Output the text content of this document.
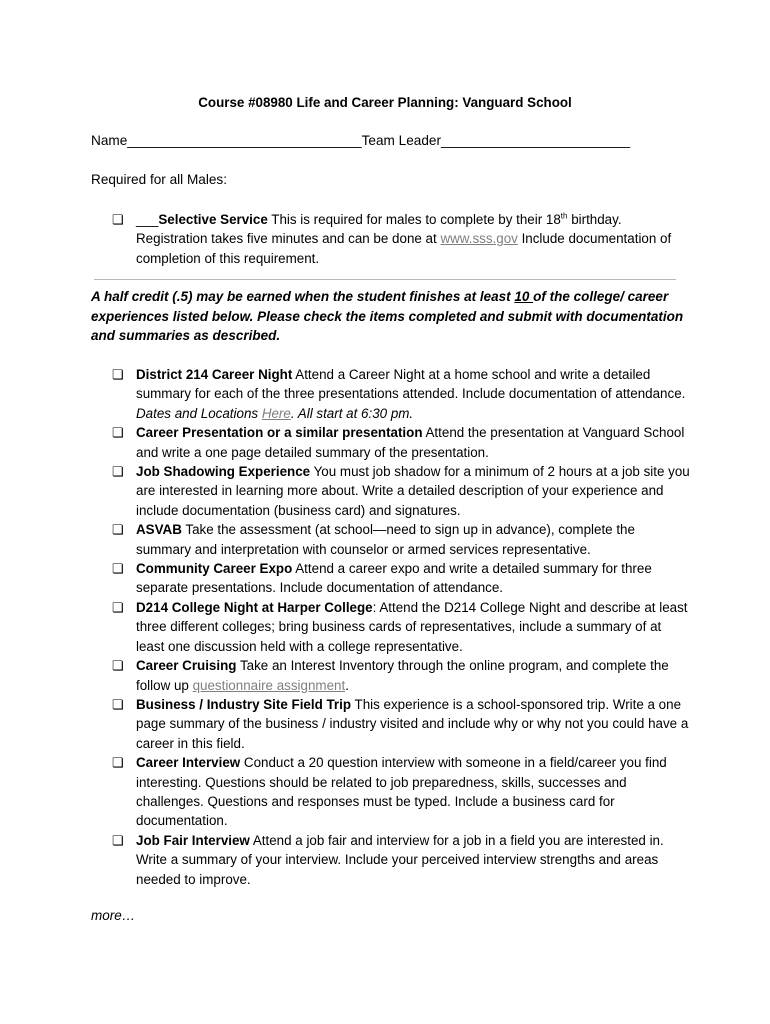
Course #08980 Life and Career Planning: Vanguard School
Name_______________________________Team Leader_________________________
Required for all Males:
❏ ___Selective Service This is required for males to complete by their 18th birthday. Registration takes five minutes and can be done at www.sss.gov Include documentation of completion of this requirement.
A half credit (.5) may be earned when the student finishes at least 10 of the college/ career experiences listed below. Please check the items completed and submit with documentation and summaries as described.
❏ District 214 Career Night Attend a Career Night at a home school and write a detailed summary for each of the three presentations attended. Include documentation of attendance. Dates and Locations Here. All start at 6:30 pm.
❏ Career Presentation or a similar presentation Attend the presentation at Vanguard School and write a one page detailed summary of the presentation.
❏ Job Shadowing Experience You must job shadow for a minimum of 2 hours at a job site you are interested in learning more about. Write a detailed description of your experience and include documentation (business card) and signatures.
❏ ASVAB Take the assessment (at school—need to sign up in advance), complete the summary and interpretation with counselor or armed services representative.
❏ Community Career Expo Attend a career expo and write a detailed summary for three separate presentations. Include documentation of attendance.
❏ D214 College Night at Harper College: Attend the D214 College Night and describe at least three different colleges; bring business cards of representatives, include a summary of at least one discussion held with a college representative.
❏ Career Cruising Take an Interest Inventory through the online program, and complete the follow up questionnaire assignment.
❏ Business / Industry Site Field Trip This experience is a school-sponsored trip. Write a one page summary of the business / industry visited and include why or why not you could have a career in this field.
❏ Career Interview Conduct a 20 question interview with someone in a field/career you find interesting. Questions should be related to job preparedness, skills, successes and challenges. Questions and responses must be typed. Include a business card for documentation.
❏ Job Fair Interview Attend a job fair and interview for a job in a field you are interested in. Write a summary of your interview. Include your perceived interview strengths and areas needed to improve.
more…
